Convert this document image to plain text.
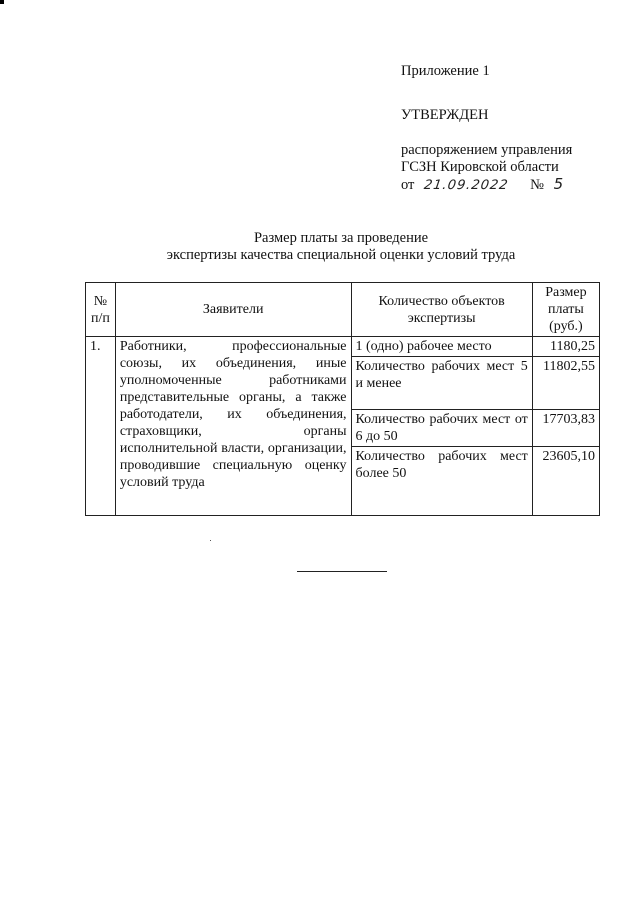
Приложение 1
УТВЕРЖДЕН
распоряжением управления
ГСЗН Кировской области
от 21.09.2022 № 5
Размер платы за проведение
экспертизы качества специальной оценки условий труда
№ п/п	Заявители	Количество объектов экспертизы	Размер платы (руб.)
1.	Работники, профессиональные союзы, их объединения, иные уполномоченные работниками представительные органы, а также работодатели, их объединения, страховщики, органы исполнительной власти, организации, проводившие специальную оценку условий труда	1 (одно) рабочее место	1180,25
		Количество рабочих мест 5 и менее	11802,55
		Количество рабочих мест от 6 до 50	17703,83
		Количество рабочих мест более 50	23605,10
